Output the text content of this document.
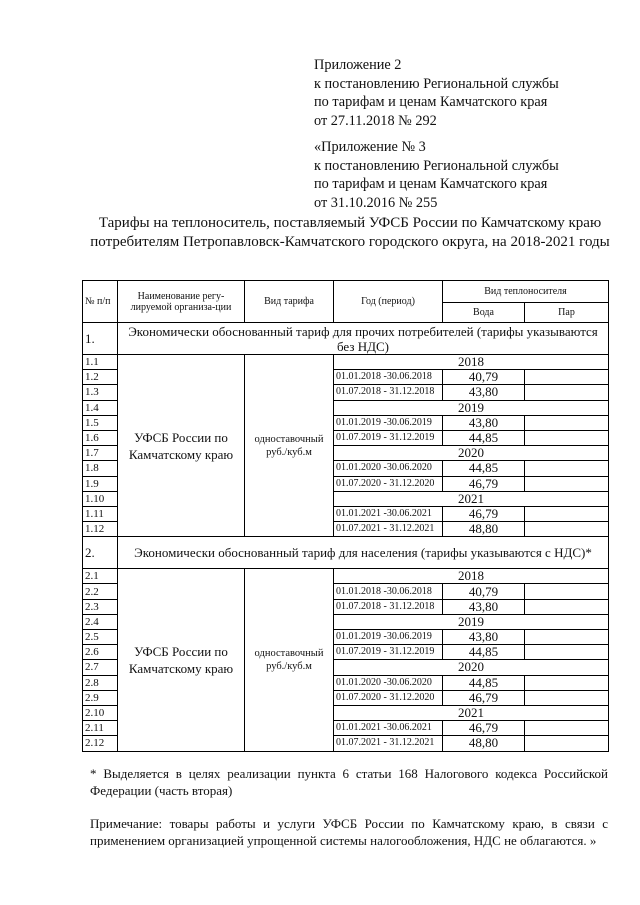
Приложение 2
к постановлению Региональной службы
по тарифам и ценам Камчатского края
от 27.11.2018 № 292
«Приложение № 3
к постановлению Региональной службы
по тарифам и ценам Камчатского края
от 31.10.2016 № 255
Тарифы на теплоноситель, поставляемый УФСБ России по Камчатскому краю потребителям Петропавловск-Камчатского городского округа, на 2018-2021 годы
№ п/п	Наименование регу-лируемой организа-ции	Вид тарифа	Год (период)	Вид теплоносителя	
				Вода	Пар
1.	Экономически обоснованный тариф для прочих потребителей (тарифы указываются без НДС)				
1.1	УФСБ России по Камчатскому краю	одноставочный руб./куб.м	2018		
1.2			01.01.2018 -30.06.2018	40,79	
1.3			01.07.2018 - 31.12.2018	43,80	
1.4			2019		
1.5			01.01.2019 -30.06.2019	43,80	
1.6			01.07.2019 - 31.12.2019	44,85	
1.7			2020		
1.8			01.01.2020 -30.06.2020	44,85	
1.9			01.07.2020 - 31.12.2020	46,79	
1.10			2021		
1.11			01.01.2021 -30.06.2021	46,79	
1.12			01.07.2021 - 31.12.2021	48,80	
2.	Экономически обоснованный тариф для населения (тарифы указываются с НДС)*				
2.1	УФСБ России по Камчатскому краю	одноставочный руб./куб.м	2018		
2.2			01.01.2018 -30.06.2018	40,79	
2.3			01.07.2018 - 31.12.2018	43,80	
2.4			2019		
2.5			01.01.2019 -30.06.2019	43,80	
2.6			01.07.2019 - 31.12.2019	44,85	
2.7			2020		
2.8			01.01.2020 -30.06.2020	44,85	
2.9			01.07.2020 - 31.12.2020	46,79	
2.10			2021		
2.11			01.01.2021 -30.06.2021	46,79	
2.12			01.07.2021 - 31.12.2021	48,80	
* Выделяется в целях реализации пункта 6 статьи 168 Налогового кодекса Российской Федерации (часть вторая)
Примечание: товары работы и услуги УФСБ России по Камчатскому краю, в связи с применением организацией упрощенной системы налогообложения, НДС не облагаются. »
